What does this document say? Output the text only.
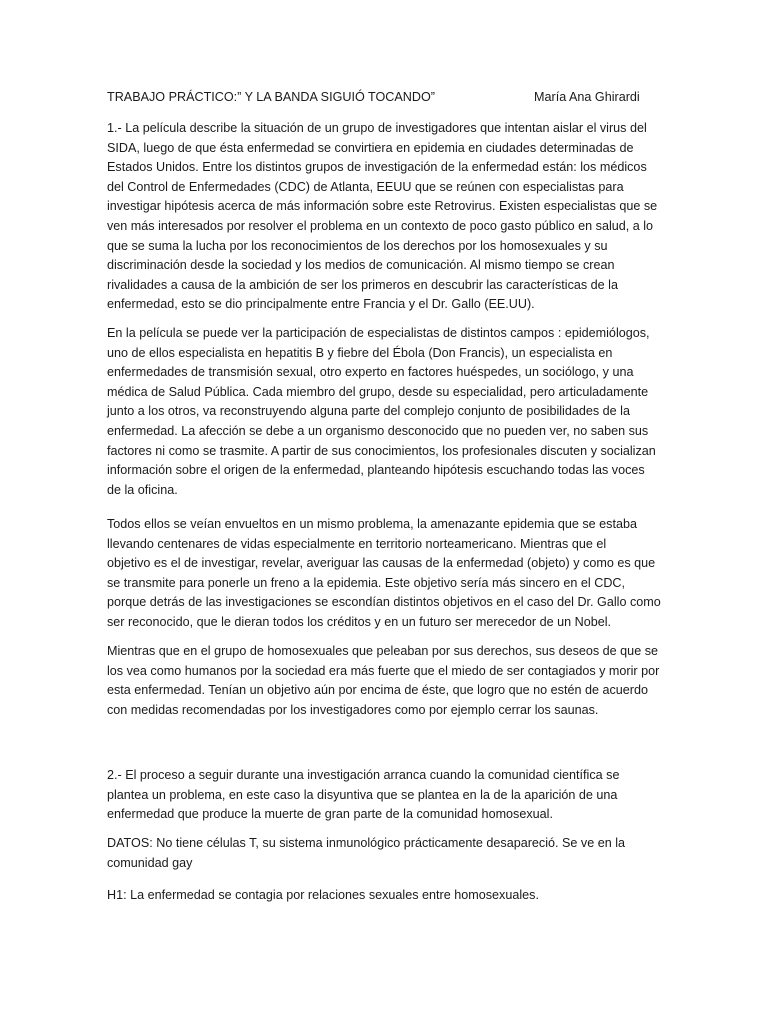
TRABAJO PRÁCTICO:” Y LA BANDA SIGUIÓ TOCANDO”	María Ana Ghirardi
1.- La película describe la situación de un grupo de investigadores que intentan aislar el virus del
SIDA, luego de que ésta enfermedad se convirtiera en epidemia en ciudades determinadas de
Estados Unidos. Entre los distintos grupos de investigación de la enfermedad están: los médicos
del Control de Enfermedades (CDC) de Atlanta, EEUU que se reúnen con especialistas para
investigar hipótesis acerca de más información sobre este Retrovirus. Existen especialistas que se
ven más interesados por resolver el problema en un contexto de poco gasto público en salud, a lo
que se suma la lucha por los reconocimientos de los derechos por los homosexuales y su
discriminación desde la sociedad y los medios de comunicación. Al mismo tiempo se crean
rivalidades a causa de la ambición de ser los primeros en descubrir las características de la
enfermedad, esto se dio principalmente entre Francia y el Dr. Gallo (EE.UU).
En la película se puede ver la participación de especialistas de distintos campos : epidemiólogos,
uno de ellos especialista en hepatitis B y fiebre del Ébola (Don Francis), un especialista en
enfermedades de transmisión sexual, otro experto en factores huéspedes, un sociólogo, y una
médica de Salud Pública. Cada miembro del grupo, desde su especialidad, pero articuladamente
junto a los otros, va reconstruyendo alguna parte del complejo conjunto de posibilidades de la
enfermedad. La afección se debe a un organismo desconocido que no pueden ver, no saben sus
factores ni como se trasmite. A partir de sus conocimientos, los profesionales discuten y socializan
información sobre el origen de la enfermedad, planteando hipótesis escuchando todas las voces
de la oficina.
Todos ellos se veían envueltos en un mismo problema, la amenazante epidemia que se estaba
llevando centenares de vidas especialmente en territorio norteamericano. Mientras que el
objetivo es el de investigar, revelar, averiguar las causas de la enfermedad (objeto) y como es que
se transmite para ponerle un freno a la epidemia. Este objetivo sería más sincero en el CDC,
porque detrás de las investigaciones se escondían distintos objetivos en el caso del Dr. Gallo como
ser reconocido, que le dieran todos los créditos y en un futuro ser merecedor de un Nobel.
Mientras que en el grupo de homosexuales que peleaban por sus derechos, sus deseos de que se
los vea como humanos por la sociedad era más fuerte que el miedo de ser contagiados y morir por
esta enfermedad. Tenían un objetivo aún por encima de éste, que logro que no estén de acuerdo
con medidas recomendadas por los investigadores como por ejemplo cerrar los saunas.
2.- El proceso a seguir durante una investigación arranca cuando la comunidad científica se
plantea un problema, en este caso la disyuntiva que se plantea en la de la aparición de una
enfermedad que produce la muerte de gran parte de la comunidad homosexual.
DATOS: No tiene células T, su sistema inmunológico prácticamente desapareció. Se ve en la
comunidad gay
H1: La enfermedad se contagia por relaciones sexuales entre homosexuales.
